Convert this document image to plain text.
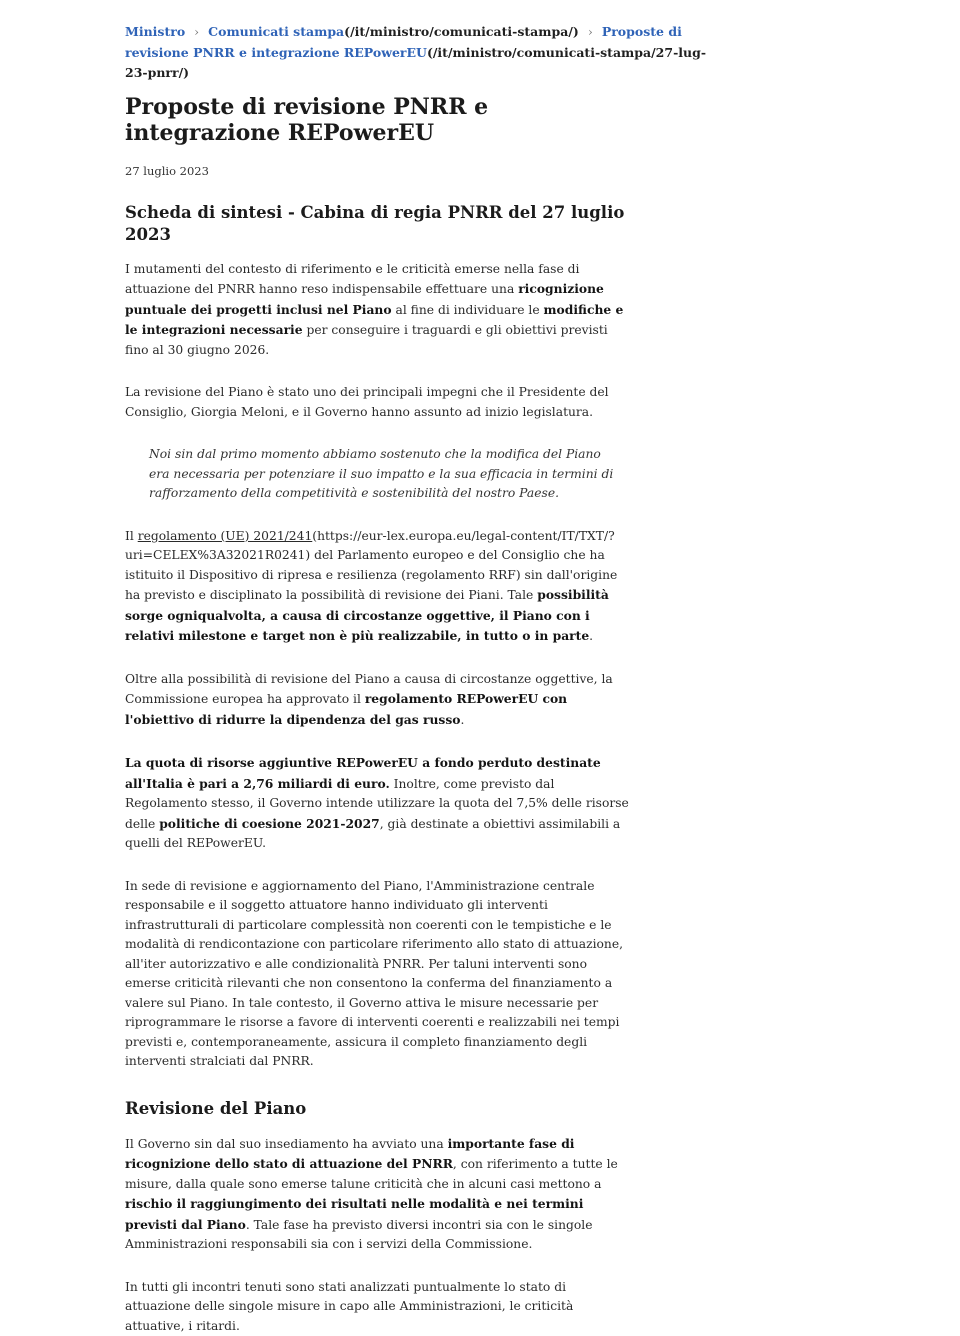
Ministro › Comunicati stampa(/it/ministro/comunicati-stampa/) › Proposte di revisione PNRR e integrazione REPowerEU(/it/ministro/comunicati-stampa/27-lug-23-pnrr/)
Proposte di revisione PNRR e integrazione REPowerEU
27 luglio 2023
Scheda di sintesi - Cabina di regia PNRR del 27 luglio 2023

I mutamenti del contesto di riferimento e le criticità emerse nella fase di attuazione del PNRR hanno reso indispensabile effettuare una ricognizione puntuale dei progetti inclusi nel Piano al fine di individuare le modifiche e le integrazioni necessarie per conseguire i traguardi e gli obiettivi previsti fino al 30 giugno 2026.

La revisione del Piano è stato uno dei principali impegni che il Presidente del Consiglio, Giorgia Meloni, e il Governo hanno assunto ad inizio legislatura.

Noi sin dal primo momento abbiamo sostenuto che la modifica del Piano era necessaria per potenziare il suo impatto e la sua efficacia in termini di rafforzamento della competitività e sostenibilità del nostro Paese.

Il regolamento (UE) 2021/241(https://eur-lex.europa.eu/legal-content/IT/TXT/?uri=CELEX%3A32021R0241) del Parlamento europeo e del Consiglio che ha istituito il Dispositivo di ripresa e resilienza (regolamento RRF) sin dall'origine ha previsto e disciplinato la possibilità di revisione dei Piani. Tale possibilità sorge ogniqualvolta, a causa di circostanze oggettive, il Piano con i relativi milestone e target non è più realizzabile, in tutto o in parte.

Oltre alla possibilità di revisione del Piano a causa di circostanze oggettive, la Commissione europea ha approvato il regolamento REPowerEU con l'obiettivo di ridurre la dipendenza del gas russo.

La quota di risorse aggiuntive REPowerEU a fondo perduto destinate all'Italia è pari a 2,76 miliardi di euro. Inoltre, come previsto dal Regolamento stesso, il Governo intende utilizzare la quota del 7,5% delle risorse delle politiche di coesione 2021-2027, già destinate a obiettivi assimilabili a quelli del REPowerEU.

In sede di revisione e aggiornamento del Piano, l'Amministrazione centrale responsabile e il soggetto attuatore hanno individuato gli interventi infrastrutturali di particolare complessità non coerenti con le tempistiche e le modalità di rendicontazione con particolare riferimento allo stato di attuazione, all'iter autorizzativo e alle condizionalità PNRR. Per taluni interventi sono emerse criticità rilevanti che non consentono la conferma del finanziamento a valere sul Piano. In tale contesto, il Governo attiva le misure necessarie per riprogrammare le risorse a favore di interventi coerenti e realizzabili nei tempi previsti e, contemporaneamente, assicura il completo finanziamento degli interventi stralciati dal PNRR.

Revisione del Piano

Il Governo sin dal suo insediamento ha avviato una importante fase di ricognizione dello stato di attuazione del PNRR, con riferimento a tutte le misure, dalla quale sono emerse talune criticità che in alcuni casi mettono a rischio il raggiungimento dei risultati nelle modalità e nei termini previsti dal Piano. Tale fase ha previsto diversi incontri sia con le singole Amministrazioni responsabili sia con i servizi della Commissione.

In tutti gli incontri tenuti sono stati analizzati puntualmente lo stato di attuazione delle singole misure in capo alle Amministrazioni, le criticità attuative, i ritardi.
